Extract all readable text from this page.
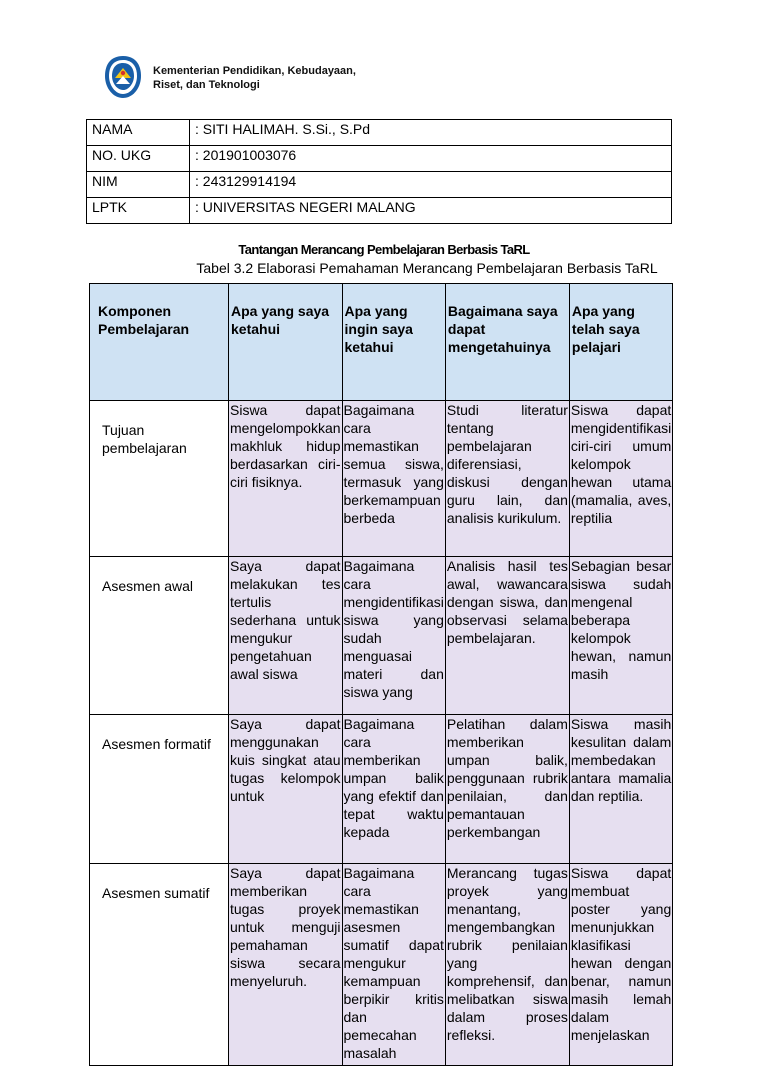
Kementerian Pendidikan, Kebudayaan,
Riset, dan Teknologi
NAMA	: SITI HALIMAH. S.Si., S.Pd
NO. UKG	: 201901003076
NIM	: 243129914194
LPTK	: UNIVERSITAS NEGERI MALANG
Tantangan Merancang Pembelajaran Berbasis TaRL
Tabel 3.2 Elaborasi Pemahaman Merancang Pembelajaran Berbasis TaRL
Komponen Pembelajaran	Apa yang saya ketahui	Apa yang ingin saya ketahui	Bagaimana saya dapat mengetahuinya	Apa yang telah saya pelajari
Tujuan pembelajaran	Siswa dapat mengelompokkan makhluk hidup berdasarkan ciri-ciri fisiknya.	Bagaimana cara memastikan semua siswa, termasuk yang berkemampuan berbeda	Studi literatur tentang pembelajaran diferensiasi, diskusi dengan guru lain, dan analisis kurikulum.	Siswa dapat mengidentifikasi ciri-ciri umum kelompok hewan utama (mamalia, aves, reptilia

Asesmen awal	Saya dapat melakukan tes tertulis sederhana untuk mengukur pengetahuan awal siswa	Bagaimana cara mengidentifikasi siswa yang sudah menguasai materi dan siswa yang	Analisis hasil tes awal, wawancara dengan siswa, dan observasi selama pembelajaran.	Sebagian besar siswa sudah mengenal beberapa kelompok hewan, namun masih

Asesmen formatif	Saya dapat menggunakan kuis singkat atau tugas kelompok untuk	Bagaimana cara memberikan umpan balik yang efektif dan tepat waktu kepada	Pelatihan dalam memberikan umpan balik, penggunaan rubrik penilaian, dan pemantauan perkembangan	Siswa masih kesulitan dalam membedakan antara mamalia dan reptilia.

Asesmen sumatif	Saya dapat memberikan tugas proyek untuk menguji pemahaman siswa secara menyeluruh.	Bagaimana cara memastikan asesmen sumatif dapat mengukur kemampuan berpikir kritis dan pemecahan masalah	Merancang tugas proyek yang menantang, mengembangkan rubrik penilaian yang komprehensif, dan melibatkan siswa dalam proses refleksi.	Siswa dapat membuat poster yang menunjukkan klasifikasi hewan dengan benar, namun masih lemah dalam menjelaskan
